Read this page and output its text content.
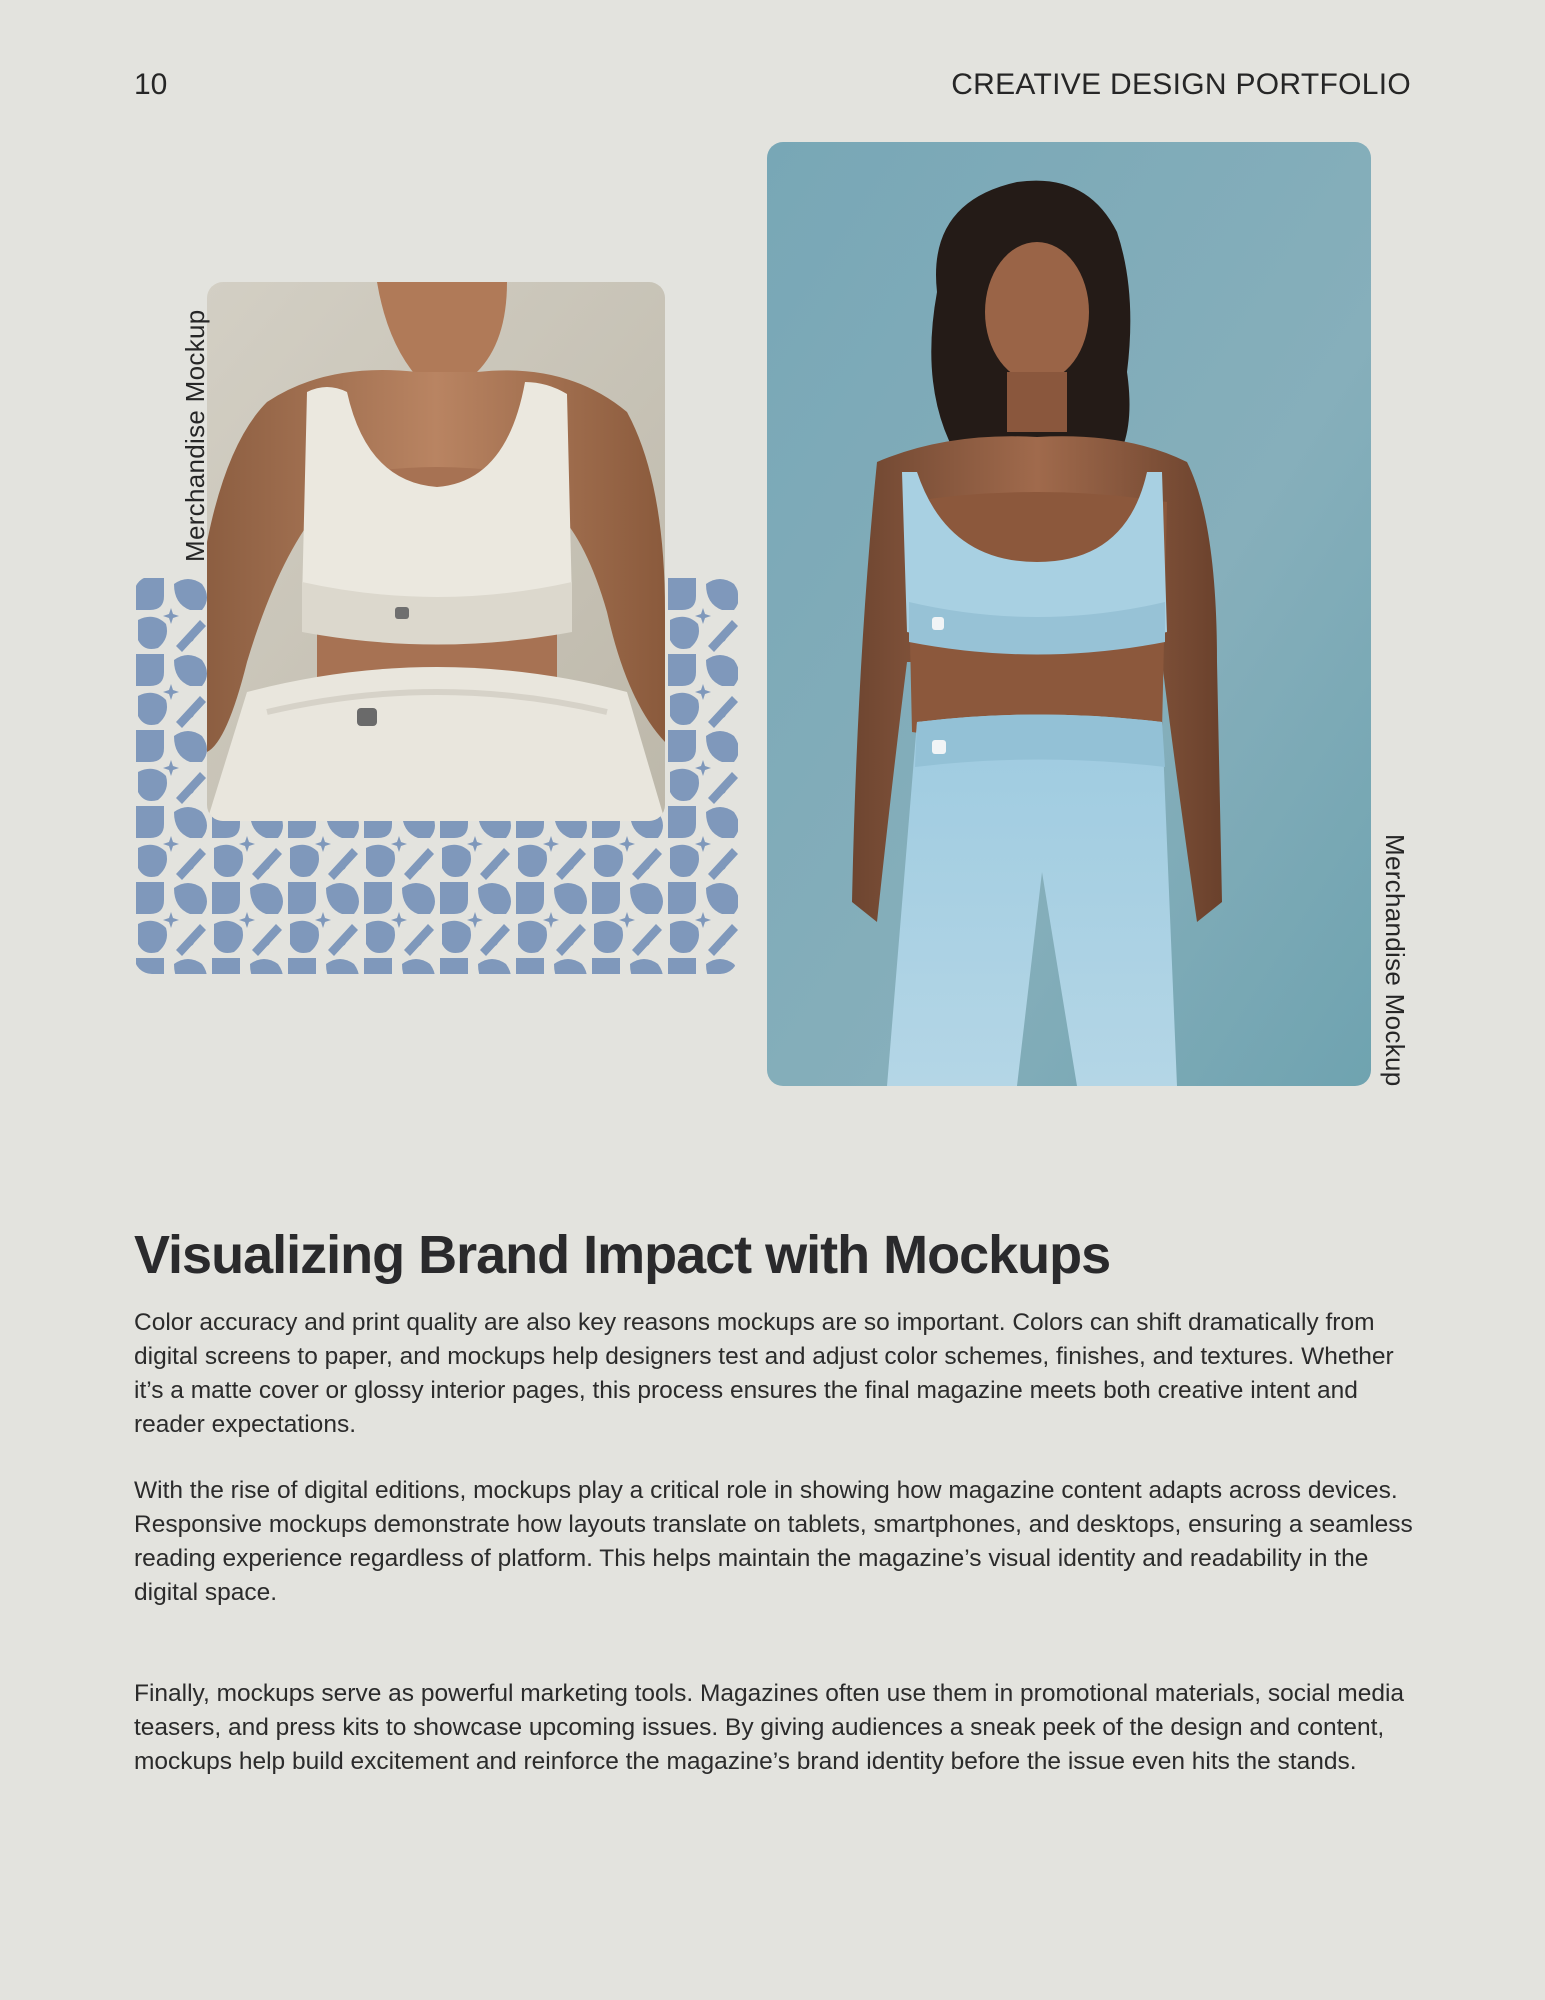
10	CREATIVE DESIGN PORTFOLIO
Merchandise Mockup
Merchandise Mockup
Visualizing Brand Impact with Mockups

Color accuracy and print quality are also key reasons mockups are so important. Colors can shift dramatically from digital screens to paper, and mockups help designers test and adjust color schemes, finishes, and textures. Whether it’s a matte cover or glossy interior pages, this process ensures the final magazine meets both creative intent and reader expectations.

With the rise of digital editions, mockups play a critical role in showing how magazine content adapts across devices. Responsive mockups demonstrate how layouts translate on tablets, smartphones, and desktops, ensuring a seamless reading experience regardless of platform. This helps maintain the magazine’s visual identity and readability in the digital space.

Finally, mockups serve as powerful marketing tools. Magazines often use them in promotional materials, social media teasers, and press kits to showcase upcoming issues. By giving audiences a sneak peek of the design and content, mockups help build excitement and reinforce the magazine’s brand identity before the issue even hits the stands.
